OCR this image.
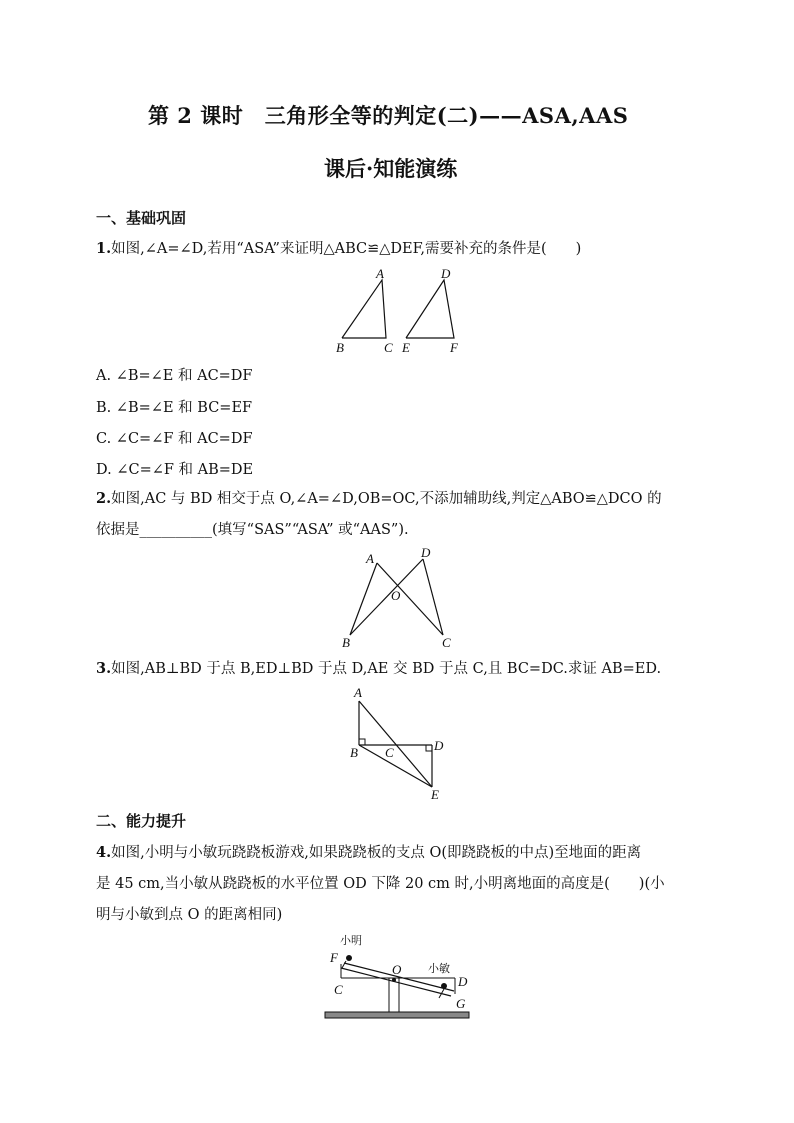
第 2 课时　三角形全等的判定(二)——ASA,AAS
课后·知能演练
一、基础巩固
1.如图,∠A=∠D,若用“ASA”来证明△ABC≌△DEF,需要补充的条件是(　　)
A
B	C
D
E	F
A. ∠B=∠E 和 AC=DF
B. ∠B=∠E 和 BC=EF
C. ∠C=∠F 和 AC=DF
D. ∠C=∠F 和 AB=DE
2.如图,AC 与 BD 相交于点 O,∠A=∠D,OB=OC,不添加辅助线,判定△ABO≌△DCO 的
依据是__________(填写“SAS”“ASA” 或“AAS”).
A	D
O
B	C
3.如图,AB⊥BD 于点 B,ED⊥BD 于点 D,AE 交 BD 于点 C,且 BC=DC.求证 AB=ED.
A
B C	D
E
二、能力提升
4.如图,小明与小敏玩跷跷板游戏,如果跷跷板的支点 O(即跷跷板的中点)至地面的距离
是 45 cm,当小敏从跷跷板的水平位置 OD 下降 20 cm 时,小明离地面的高度是(　　)(小
明与小敏到点 O 的距离相同)
小明
F
C
O 小敏
D
G
